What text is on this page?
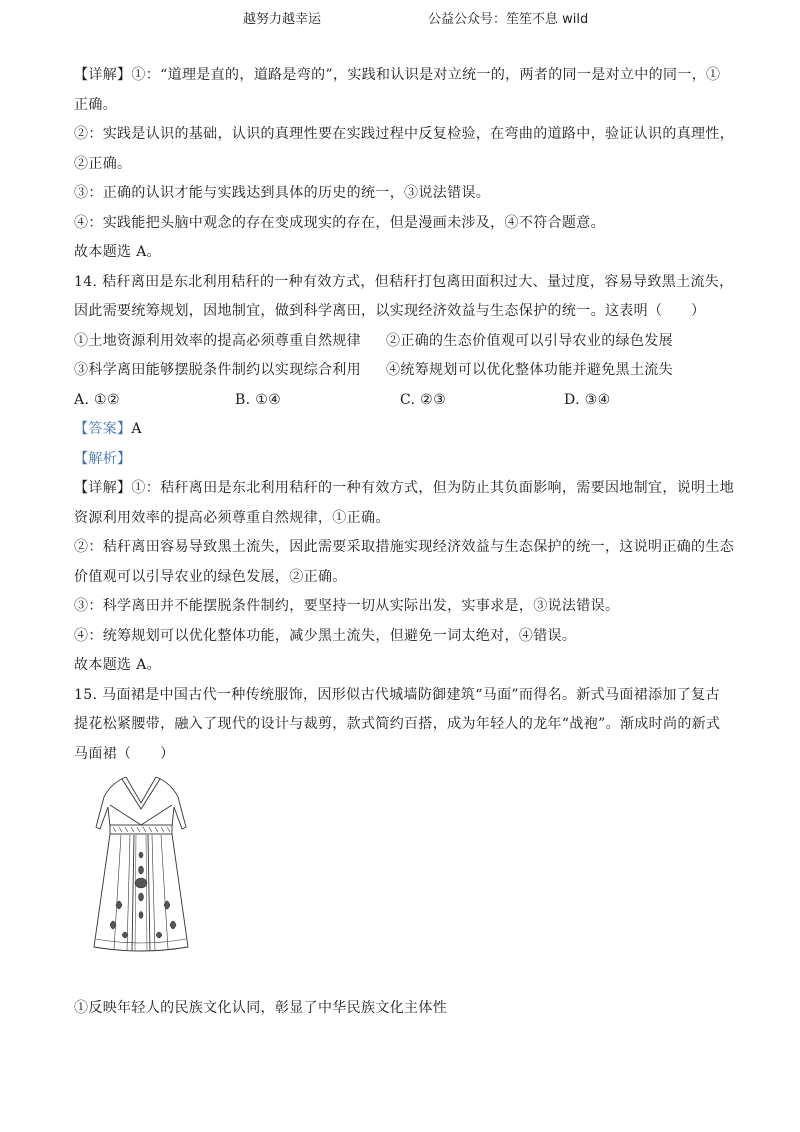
越努力越幸运	公益公众号：笙笙不息 wild
【详解】①：“道理是直的，道路是弯的”，实践和认识是对立统一的，两者的同一是对立中的同一，①
正确。
②：实践是认识的基础，认识的真理性要在实践过程中反复检验，在弯曲的道路中，验证认识的真理性，
②正确。
③：正确的认识才能与实践达到具体的历史的统一，③说法错误。
④：实践能把头脑中观念的存在变成现实的存在，但是漫画未涉及，④不符合题意。
故本题选 A。
14. 秸秆离田是东北利用秸秆的一种有效方式，但秸秆打包离田面积过大、量过度，容易导致黑土流失，
因此需要统筹规划，因地制宜，做到科学离田，以实现经济效益与生态保护的统一。这表明（　　）
①土地资源利用效率的提高必须尊重自然规律 ②正确的生态价值观可以引导农业的绿色发展
③科学离田能够摆脱条件制约以实现综合利用 ④统筹规划可以优化整体功能并避免黑土流失
A. ①②	B. ①④	C. ②③	D. ③④
【答案】A
【解析】
【详解】①：秸秆离田是东北利用秸秆的一种有效方式，但为防止其负面影响，需要因地制宜，说明土地
资源利用效率的提高必须尊重自然规律，①正确。
②：秸秆离田容易导致黑土流失，因此需要采取措施实现经济效益与生态保护的统一，这说明正确的生态
价值观可以引导农业的绿色发展，②正确。
③：科学离田并不能摆脱条件制约，要坚持一切从实际出发，实事求是，③说法错误。
④：统筹规划可以优化整体功能，减少黑土流失，但避免一词太绝对，④错误。
故本题选 A。
15. 马面裙是中国古代一种传统服饰，因形似古代城墙防御建筑“马面”而得名。新式马面裙添加了复古
提花松紧腰带，融入了现代的设计与裁剪，款式简约百搭，成为年轻人的龙年“战袍”。渐成时尚的新式
马面裙（　　）
①反映年轻人的民族文化认同，彰显了中华民族文化主体性
